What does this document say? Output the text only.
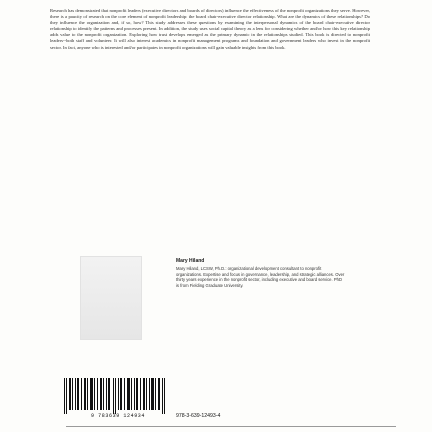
Research has demonstrated that nonprofit leaders (executive directors and boards of directors) influence the effectiveness of the nonprofit organizations they serve. However, there is a paucity of research on the core element of nonprofit leadership: the board chair-executive director relationship. What are the dynamics of these relationships? Do they influence the organization and, if so, how? This study addresses these questions by examining the interpersonal dynamics of the board chair-executive director relationship to identify the patterns and processes present. In addition, the study uses social capital theory as a lens for considering whether and/or how this key relationship adds value to the nonprofit organization. Exploring how trust develops emerged as the primary dynamic in the relationships studied. This book is directed to nonprofit leaders--both staff and volunteer. It will also interest academics in nonprofit management programs and foundation and government leaders who invest in the nonprofit sector. In fact, anyone who is interested and/or participates in nonprofit organizations will gain valuable insights from this book.

Mary Hiland
Mary Hiland, LCSW, Ph.D.: organizational development consultant to nonprofit organizations. Expertise and focus in governance, leadership, and strategic alliances. Over thirty years experience in the nonprofit sector, including executive and board service. PhD is from Fielding Graduate University.
9 783639 124934	978-3-639-12493-4
